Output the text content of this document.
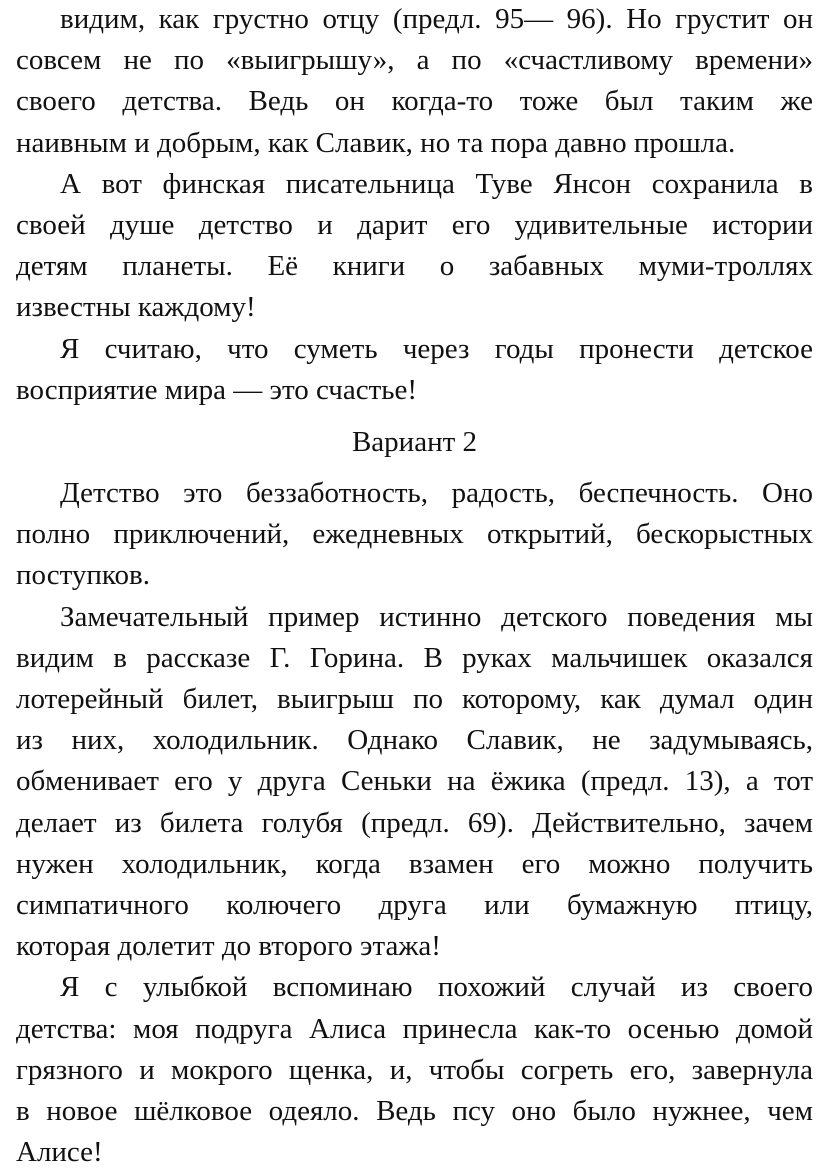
видим, как грустно отцу (предл. 95— 96). Но грустит он
совсем не по «выигрышу», а по «счастливому времени»
своего детства. Ведь он когда-то тоже был таким же
наивным и добрым, как Славик, но та пора давно прошла.
А вот финская писательница Туве Янсон сохранила в
своей душе детство и дарит его удивительные истории
детям планеты. Её книги о забавных муми-троллях
известны каждому!
Я считаю, что суметь через годы пронести детское
восприятие мира — это счастье!
Вариант 2
Детство это беззаботность, радость, беспечность. Оно
полно приключений, ежедневных открытий, бескорыстных
поступков.
Замечательный пример истинно детского поведения мы
видим в рассказе Г. Горина. В руках мальчишек оказался
лотерейный билет, выигрыш по которому, как думал один
из них, холодильник. Однако Славик, не задумываясь,
обменивает его у друга Сеньки на ёжика (предл. 13), а тот
делает из билета голубя (предл. 69). Действительно, зачем
нужен холодильник, когда взамен его можно получить
симпатичного колючего друга или бумажную птицу,
которая долетит до второго этажа!
Я с улыбкой вспоминаю похожий случай из своего
детства: моя подруга Алиса принесла как-то осенью домой
грязного и мокрого щенка, и, чтобы согреть его, завернула
в новое шёлковое одеяло. Ведь псу оно было нужнее, чем
Алисе!
